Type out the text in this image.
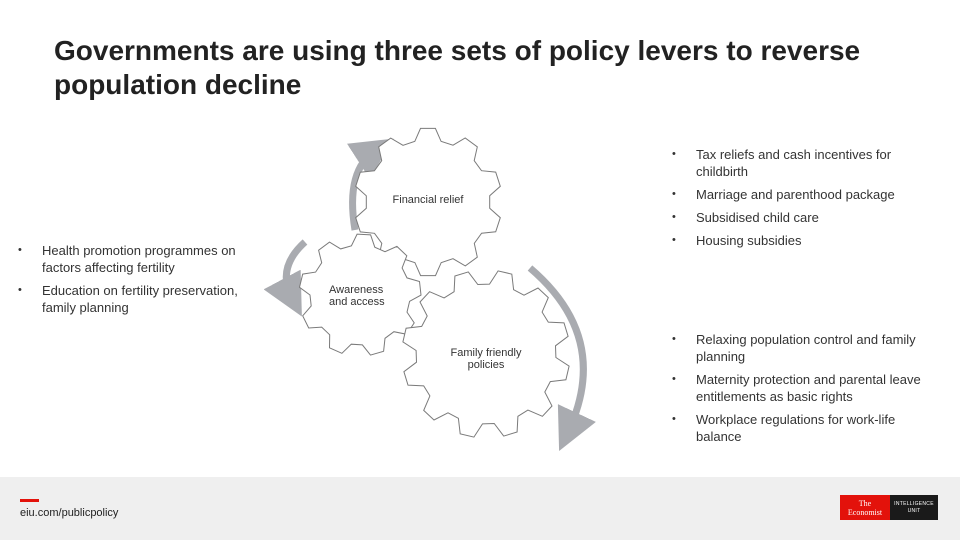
Governments are using three sets of policy levers to reverse population decline
Financial relief
Awareness and access
Family friendly policies
• Health promotion programmes on factors affecting fertility
• Education on fertility preservation, family planning
• Tax reliefs and cash incentives for childbirth
• Marriage and parenthood package
• Subsidised child care
• Housing subsidies
• Relaxing population control and family planning
• Maternity protection and parental leave entitlements as basic rights
• Workplace regulations for work-life balance
eiu.com/publicpolicy
The
Economist
INTELLIGENCE
UNIT
